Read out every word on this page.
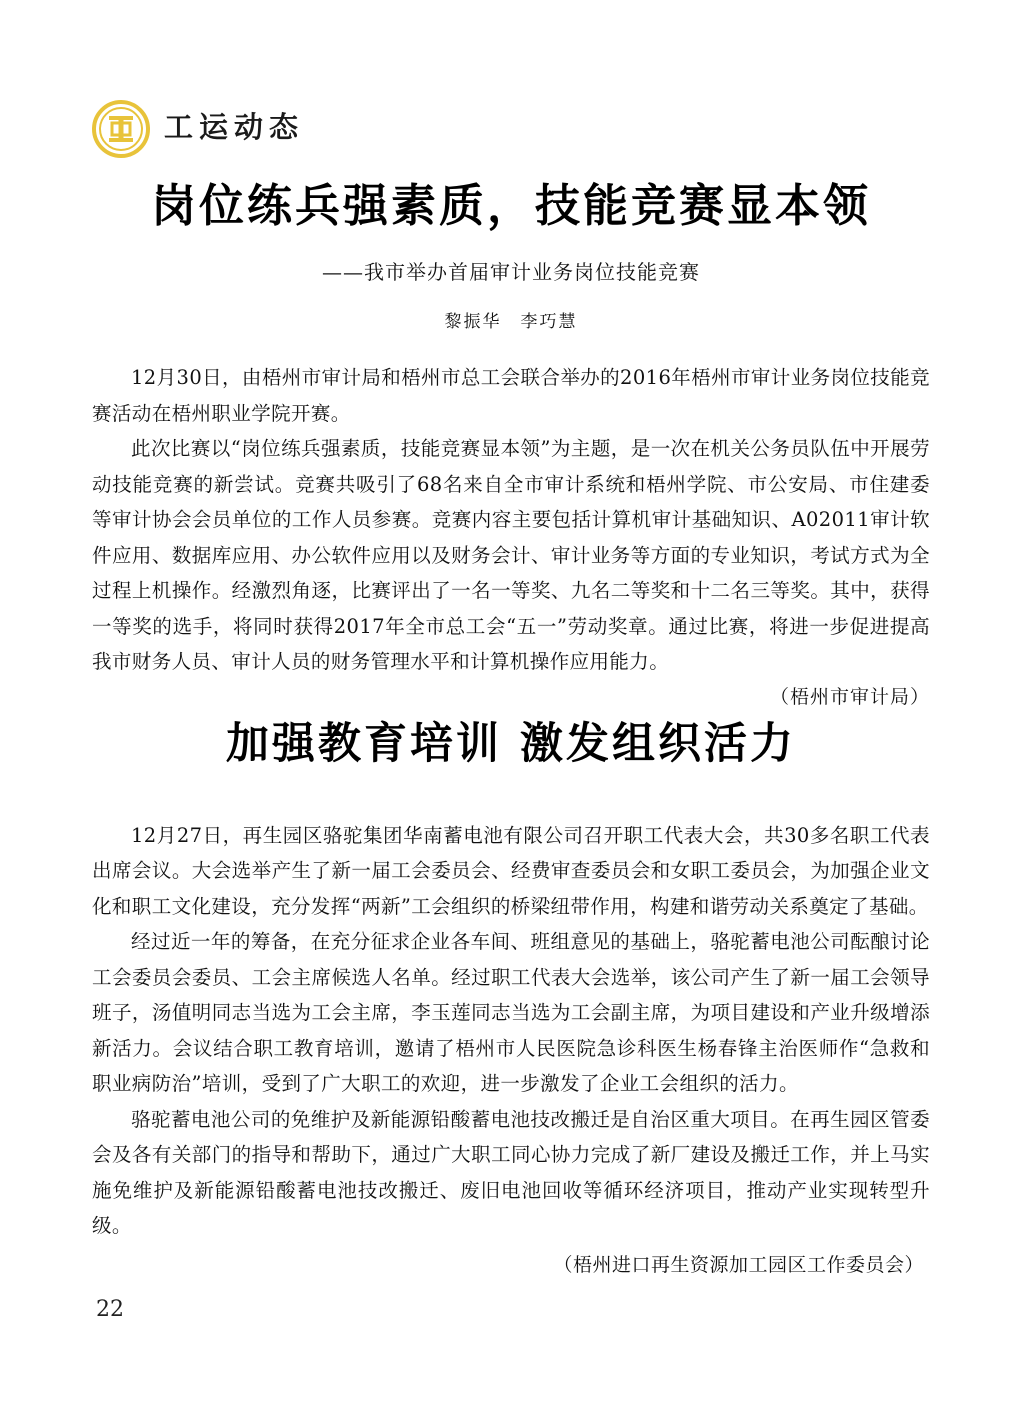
工运动态
岗位练兵强素质，技能竞赛显本领
——我市举办首届审计业务岗位技能竞赛
黎振华　李巧慧

12月30日，由梧州市审计局和梧州市总工会联合举办的2016年梧州市审计业务岗位技能竞赛活动在梧州职业学院开赛。

此次比赛以“岗位练兵强素质，技能竞赛显本领”为主题，是一次在机关公务员队伍中开展劳动技能竞赛的新尝试。竞赛共吸引了68名来自全市审计系统和梧州学院、市公安局、市住建委等审计协会会员单位的工作人员参赛。竞赛内容主要包括计算机审计基础知识、A02011审计软件应用、数据库应用、办公软件应用以及财务会计、审计业务等方面的专业知识，考试方式为全过程上机操作。经激烈角逐，比赛评出了一名一等奖、九名二等奖和十二名三等奖。其中，获得一等奖的选手，将同时获得2017年全市总工会“五一”劳动奖章。通过比赛，将进一步促进提高我市财务人员、审计人员的财务管理水平和计算机操作应用能力。

（梧州市审计局）
加强教育培训 激发组织活力

12月27日，再生园区骆驼集团华南蓄电池有限公司召开职工代表大会，共30多名职工代表出席会议。大会选举产生了新一届工会委员会、经费审查委员会和女职工委员会，为加强企业文化和职工文化建设，充分发挥“两新”工会组织的桥梁纽带作用，构建和谐劳动关系奠定了基础。

经过近一年的筹备，在充分征求企业各车间、班组意见的基础上，骆驼蓄电池公司酝酿讨论工会委员会委员、工会主席候选人名单。经过职工代表大会选举，该公司产生了新一届工会领导班子，汤值明同志当选为工会主席，李玉莲同志当选为工会副主席，为项目建设和产业升级增添新活力。会议结合职工教育培训，邀请了梧州市人民医院急诊科医生杨春锋主治医师作“急救和职业病防治”培训，受到了广大职工的欢迎，进一步激发了企业工会组织的活力。

骆驼蓄电池公司的免维护及新能源铅酸蓄电池技改搬迁是自治区重大项目。在再生园区管委会及各有关部门的指导和帮助下，通过广大职工同心协力完成了新厂建设及搬迁工作，并上马实施免维护及新能源铅酸蓄电池技改搬迁、废旧电池回收等循环经济项目，推动产业实现转型升级。

（梧州进口再生资源加工园区工作委员会）
22
